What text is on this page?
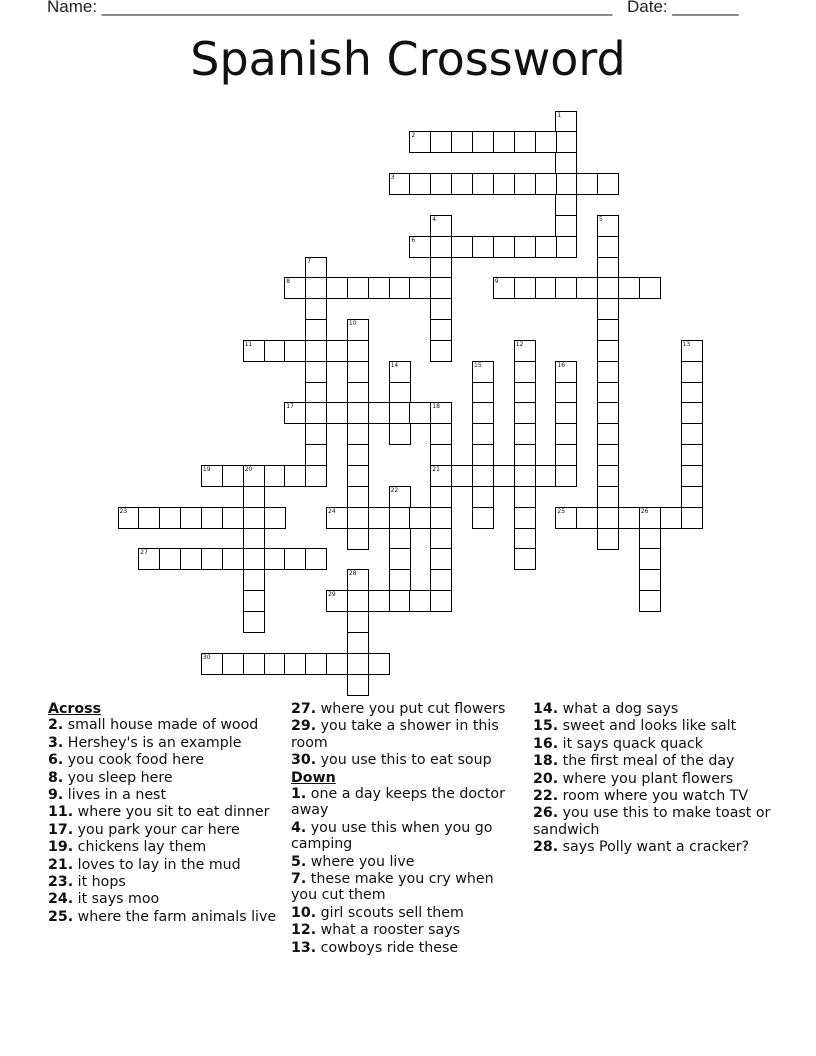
Name: ______________________________________________________ Date: _______
Spanish Crossword
1
2
3
4	5
6
7
8	9
10
11	12	13
14	15	16
17	18
21
19	20
22
23	24	25	26
27
28
29
30
Across
2. small house made of wood
3. Hershey's is an example
6. you cook food here
8. you sleep here
9. lives in a nest
11. where you sit to eat dinner
17. you park your car here
19. chickens lay them
21. loves to lay in the mud
23. it hops
24. it says moo
25. where the farm animals live
27. where you put cut flowers
29. you take a shower in this room
30. you use this to eat soup
Down
1. one a day keeps the doctor away
4. you use this when you go camping
5. where you live
7. these make you cry when you cut them
10. girl scouts sell them
12. what a rooster says
13. cowboys ride these
14. what a dog says
15. sweet and looks like salt
16. it says quack quack
18. the first meal of the day
20. where you plant flowers
22. room where you watch TV
26. you use this to make toast or sandwich
28. says Polly want a cracker?
